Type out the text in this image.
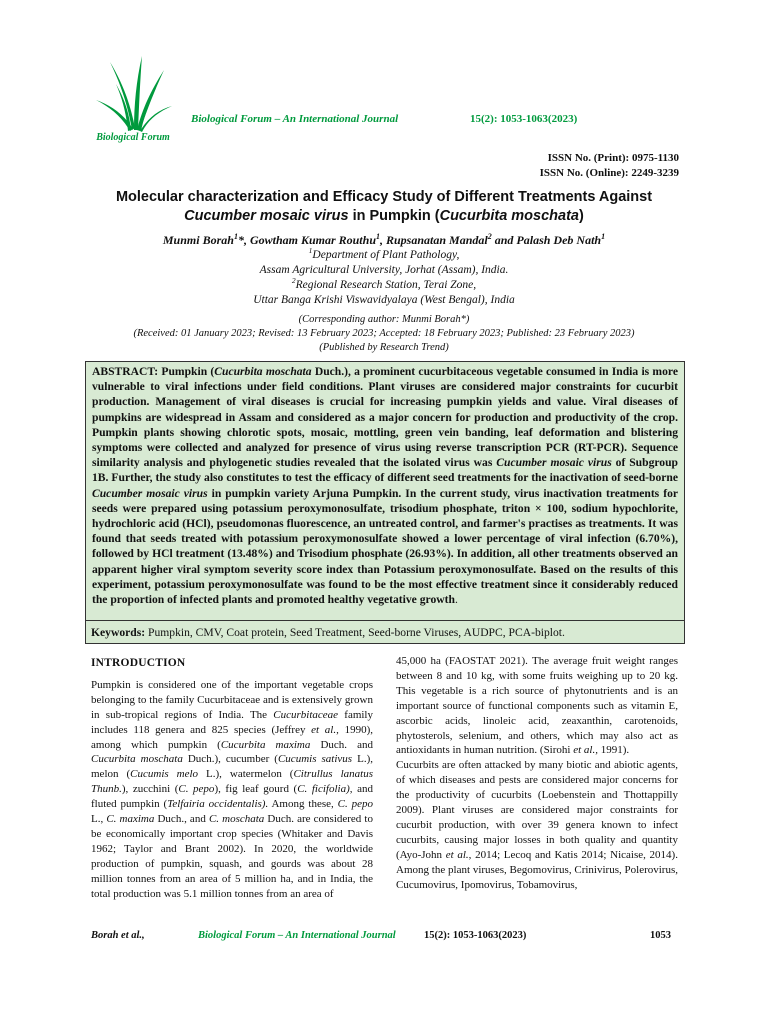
Biological Forum
Biological Forum – An International Journal	15(2): 1053-1063(2023)
ISSN No. (Print): 0975-1130
ISSN No. (Online): 2249-3239
Molecular characterization and Efficacy Study of Different Treatments Against
Cucumber mosaic virus in Pumpkin (Cucurbita moschata)
Munmi Borah$^1$*, Gowtham Kumar Routhu$^1$, Rupsanatan Mandal$^2$ and Palash Deb Nath$^1$
$^1$Department of Plant Pathology,
Assam Agricultural University, Jorhat (Assam), India.
$^2$Regional Research Station, Terai Zone,
Uttar Banga Krishi Viswavidyalaya (West Bengal), India
(Corresponding author: Munmi Borah*)
(Received: 01 January 2023; Revised: 13 February 2023; Accepted: 18 February 2023; Published: 23 February 2023)
(Published by Research Trend)

ABSTRACT: Pumpkin (Cucurbita moschata Duch.), a prominent cucurbitaceous vegetable consumed in India is more vulnerable to viral infections under field conditions. Plant viruses are considered major constraints for cucurbit production. Management of viral diseases is crucial for increasing pumpkin yields and value. Viral diseases of pumpkins are widespread in Assam and considered as a major concern for production and productivity of the crop. Pumpkin plants showing chlorotic spots, mosaic, mottling, green vein banding, leaf deformation and blistering symptoms were collected and analyzed for presence of virus using reverse transcription PCR (RT-PCR). Sequence similarity analysis and phylogenetic studies revealed that the isolated virus was Cucumber mosaic virus of Subgroup 1B. Further, the study also constitutes to test the efficacy of different seed treatments for the inactivation of seed-borne Cucumber mosaic virus in pumpkin variety Arjuna Pumpkin. In the current study, virus inactivation treatments for seeds were prepared using potassium peroxymonosulfate, trisodium phosphate, triton × 100, sodium hypochlorite, hydrochloric acid (HCl), pseudomonas fluorescence, an untreated control, and farmer's practises as treatments. It was found that seeds treated with potassium peroxymonosulfate showed a lower percentage of viral infection (6.70%), followed by HCl treatment (13.48%) and Trisodium phosphate (26.93%). In addition, all other treatments observed an apparent higher viral symptom severity score index than Potassium peroxymonosulfate. Based on the results of this experiment, potassium peroxymonosulfate was found to be the most effective treatment since it considerably reduced the proportion of infected plants and promoted healthy vegetative growth.

Keywords: Pumpkin, CMV, Coat protein, Seed Treatment, Seed-borne Viruses, AUDPC, PCA-biplot.
INTRODUCTION

Pumpkin is considered one of the important vegetable crops belonging to the family Cucurbitaceae and is extensively grown in sub-tropical regions of India. The Cucurbitaceae family includes 118 genera and 825 species (Jeffrey et al., 1990), among which pumpkin (Cucurbita maxima Duch. and Cucurbita moschata Duch.), cucumber (Cucumis sativus L.), melon (Cucumis melo L.), watermelon (Citrullus lanatus Thunb.), zucchini (C. pepo), fig leaf gourd (C. ficifolia), and fluted pumpkin (Telfairia occidentalis). Among these, C. pepo L., C. maxima Duch., and C. moschata Duch. are considered to be economically important crop species (Whitaker and Davis 1962; Taylor and Brant 2002). In 2020, the worldwide production of pumpkin, squash, and gourds was about 28 million tonnes from an area of 5 million ha, and in India, the total production was 5.1 million tonnes from an area of

45,000 ha (FAOSTAT 2021). The average fruit weight ranges between 8 and 10 kg, with some fruits weighing up to 20 kg. This vegetable is a rich source of phytonutrients and is an important source of functional components such as vitamin E, ascorbic acids, linoleic acid, zeaxanthin, carotenoids, phytosterols, selenium, and others, which may also act as antioxidants in human nutrition. (Sirohi et al., 1991).

Cucurbits are often attacked by many biotic and abiotic agents, of which diseases and pests are considered major concerns for the productivity of cucurbits (Loebenstein and Thottappilly 2009). Plant viruses are considered major constraints for cucurbit production, with over 39 genera known to infect cucurbits, causing major losses in both quality and quantity (Ayo-John et al., 2014; Lecoq and Katis 2014; Nicaise, 2014). Among the plant viruses, Begomovirus, Crinivirus, Polerovirus, Cucumovirus, Ipomovirus, Tobamovirus,

Borah et al.,	Biological Forum – An International Journal	15(2): 1053-1063(2023)	1053
